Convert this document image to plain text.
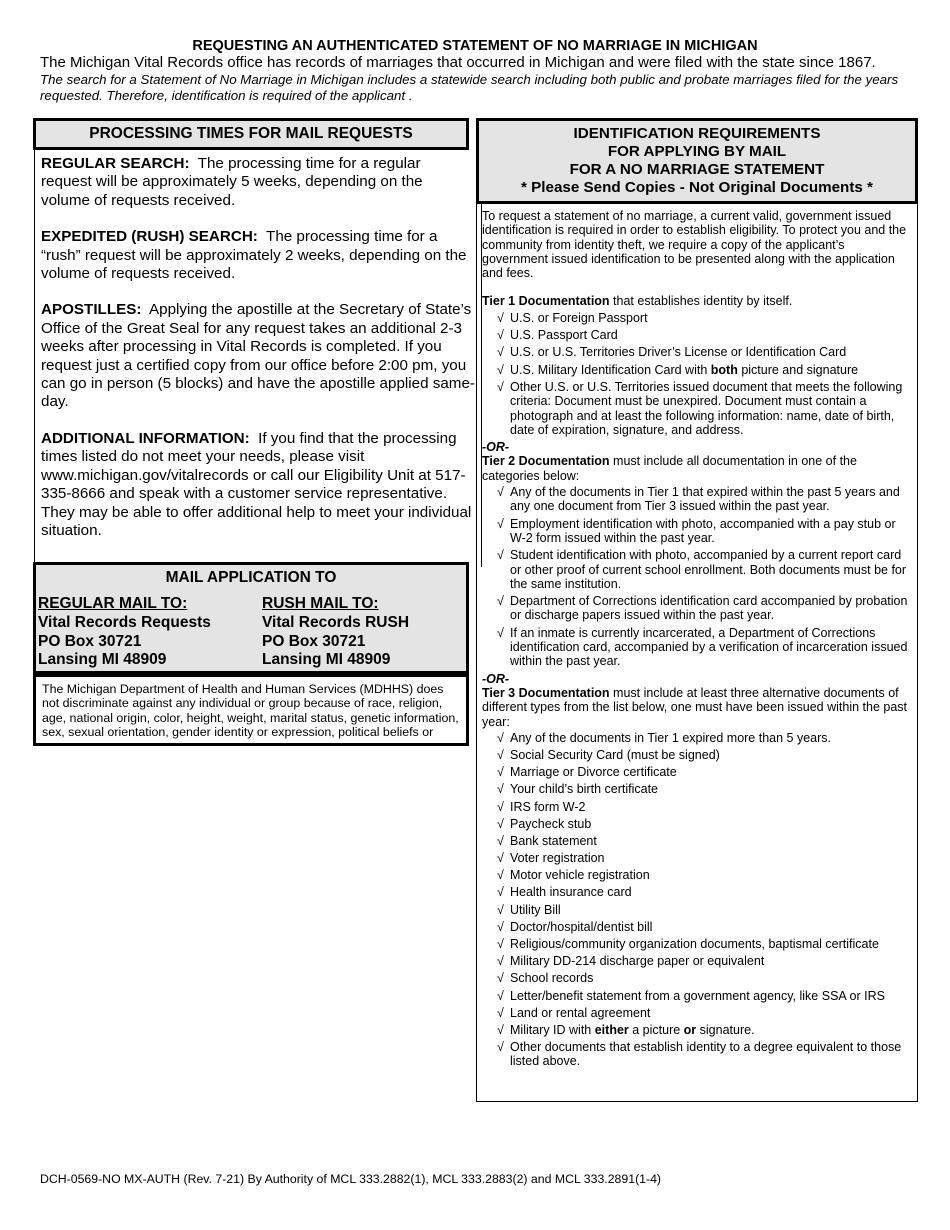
REQUESTING AN AUTHENTICATED STATEMENT OF NO MARRIAGE IN MICHIGAN
The Michigan Vital Records office has records of marriages that occurred in Michigan and were filed with the state since 1867.
The search for a Statement of No Marriage in Michigan includes a statewide search including both public and probate marriages filed for the years requested. Therefore, identification is required of the applicant .
PROCESSING TIMES FOR MAIL REQUESTS

REGULAR SEARCH: The processing time for a regular request will be approximately 5 weeks, depending on the volume of requests received.

EXPEDITED (RUSH) SEARCH: The processing time for a “rush” request will be approximately 2 weeks, depending on the volume of requests received.

APOSTILLES: Applying the apostille at the Secretary of State’s Office of the Great Seal for any request takes an additional 2-3 weeks after processing in Vital Records is completed. If you request just a certified copy from our office before 2:00 pm, you can go in person (5 blocks) and have the apostille applied same-day.

ADDITIONAL INFORMATION: If you find that the processing times listed do not meet your needs, please visit www.michigan.gov/vitalrecords or call our Eligibility Unit at 517-335-8666 and speak with a customer service representative. They may be able to offer additional help to meet your individual situation.

MAIL APPLICATION TO
REGULAR MAIL TO:
Vital Records Requests
PO Box 30721
Lansing MI 48909
RUSH MAIL TO:
Vital Records RUSH
PO Box 30721
Lansing MI 48909
The Michigan Department of Health and Human Services (MDHHS) does not discriminate against any individual or group because of race, religion, age, national origin, color, height, weight, marital status, genetic information, sex, sexual orientation, gender identity or expression, political beliefs or
IDENTIFICATION REQUIREMENTS
FOR APPLYING BY MAIL
FOR A NO MARRIAGE STATEMENT
* Please Send Copies - Not Original Documents *

To request a statement of no marriage, a current valid, government issued identification is required in order to establish eligibility. To protect you and the community from identity theft, we require a copy of the applicant’s government issued identification to be presented along with the application and fees.

Tier 1 Documentation that establishes identity by itself.

√ U.S. or Foreign Passport
√ U.S. Passport Card
√ U.S. or U.S. Territories Driver’s License or Identification Card
√ U.S. Military Identification Card with both picture and signature
√ Other U.S. or U.S. Territories issued document that meets the following criteria: Document must be unexpired. Document must contain a photograph and at least the following information: name, date of birth, date of expiration, signature, and address.

-OR-

Tier 2 Documentation must include all documentation in one of the categories below:

√ Any of the documents in Tier 1 that expired within the past 5 years and any one document from Tier 3 issued within the past year.
√ Employment identification with photo, accompanied with a pay stub or W-2 form issued within the past year.
√ Student identification with photo, accompanied by a current report card or other proof of current school enrollment. Both documents must be for the same institution.
√ Department of Corrections identification card accompanied by probation or discharge papers issued within the past year.
√ If an inmate is currently incarcerated, a Department of Corrections identification card, accompanied by a verification of incarceration issued within the past year.

-OR-

Tier 3 Documentation must include at least three alternative documents of different types from the list below, one must have been issued within the past year:

√ Any of the documents in Tier 1 expired more than 5 years.
√ Social Security Card (must be signed)
√ Marriage or Divorce certificate
√ Your child’s birth certificate
√ IRS form W-2
√ Paycheck stub
√ Bank statement
√ Voter registration
√ Motor vehicle registration
√ Health insurance card
√ Utility Bill
√ Doctor/hospital/dentist bill
√ Religious/community organization documents, baptismal certificate
√ Military DD-214 discharge paper or equivalent
√ School records
√ Letter/benefit statement from a government agency, like SSA or IRS
√ Land or rental agreement
√ Military ID with either a picture or signature.
√ Other documents that establish identity to a degree equivalent to those listed above.
DCH-0569-NO MX-AUTH (Rev. 7-21) By Authority of MCL 333.2882(1), MCL 333.2883(2) and MCL 333.2891(1-4)
